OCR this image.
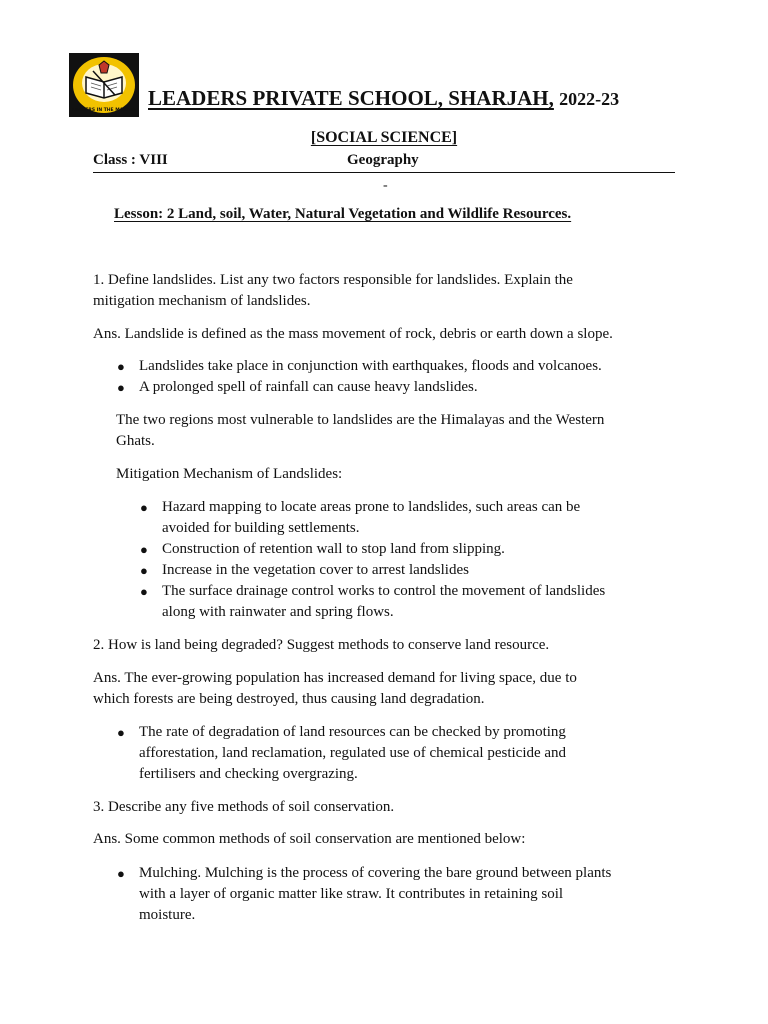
LEADERS IN THE MAKING
LEADERS PRIVATE SCHOOL, SHARJAH, 2022-23
[SOCIAL SCIENCE]
Class : VIII	Geography
-
Lesson: 2 Land, soil, Water, Natural Vegetation and Wildlife Resources.

1. Define landslides. List any two factors responsible for landslides. Explain the
mitigation mechanism of landslides.

Ans. Landslide is defined as the mass movement of rock, debris or earth down a slope.

● Landslides take place in conjunction with earthquakes, floods and volcanoes.
● A prolonged spell of rainfall can cause heavy landslides.

The two regions most vulnerable to landslides are the Himalayas and the Western
Ghats.

Mitigation Mechanism of Landslides:

● Hazard mapping to locate areas prone to landslides, such areas can be
avoided for building settlements.
● Construction of retention wall to stop land from slipping.
● Increase in the vegetation cover to arrest landslides
● The surface drainage control works to control the movement of landslides
along with rainwater and spring flows.

2. How is land being degraded? Suggest methods to conserve land resource.

Ans. The ever-growing population has increased demand for living space, due to
which forests are being destroyed, thus causing land degradation.

● The rate of degradation of land resources can be checked by promoting
afforestation, land reclamation, regulated use of chemical pesticide and
fertilisers and checking overgrazing.

3. Describe any five methods of soil conservation.

Ans. Some common methods of soil conservation are mentioned below:

● Mulching. Mulching is the process of covering the bare ground between plants
with a layer of organic matter like straw. It contributes in retaining soil
moisture.
